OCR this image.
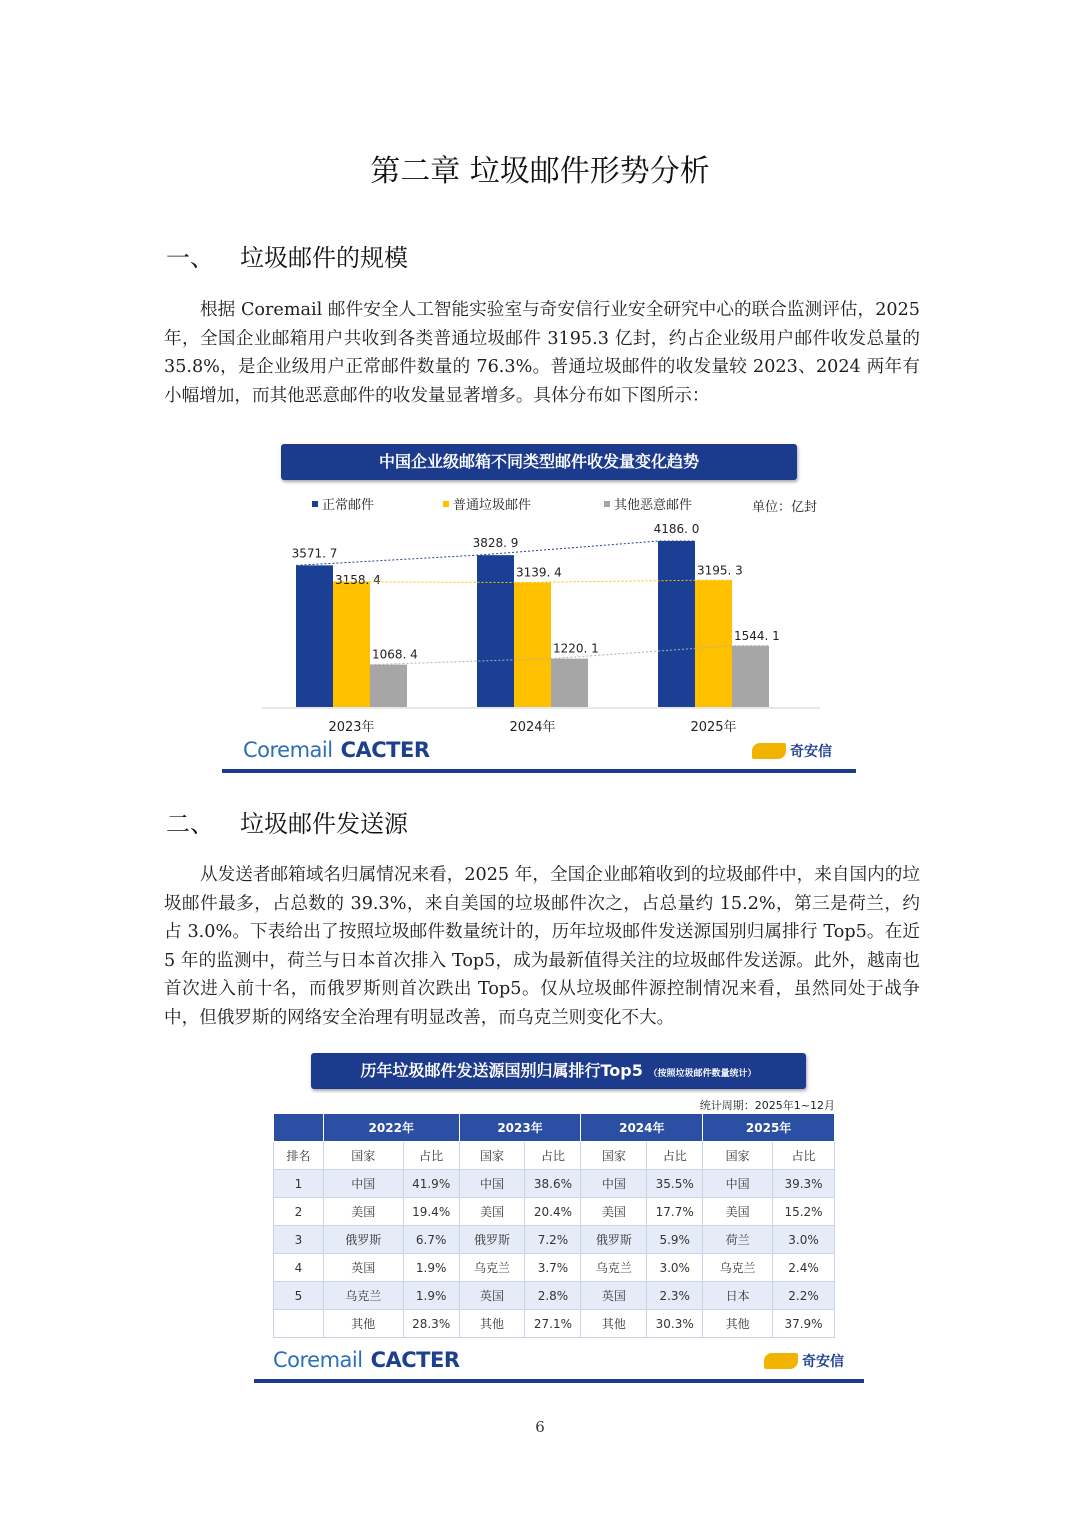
第二章 垃圾邮件形势分析
一、 垃圾邮件的规模

根据 Coremail 邮件安全人工智能实验室与奇安信行业安全研究中心的联合监测评估，2025 年，全国企业邮箱用户共收到各类普通垃圾邮件 3195.3 亿封，约占企业级用户邮件收发总量的 35.8%，是企业级用户正常邮件数量的 76.3%。普通垃圾邮件的收发量较 2023、2024 两年有小幅增加，而其他恶意邮件的收发量显著增多。具体分布如下图所示：

中国企业级邮箱不同类型邮件收发量变化趋势
正常邮件	普通垃圾邮件	其他恶意邮件	单位：亿封
3571. 7
3828. 9
4186. 0
3158. 4
3139. 4	3195. 3
1068. 4	1220. 1
1544. 1
2023年	2024年	2025年
Coremail CACTER	奇安信
二、 垃圾邮件发送源

从发送者邮箱域名归属情况来看，2025 年，全国企业邮箱收到的垃圾邮件中，来自国内的垃圾邮件最多，占总数的 39.3%，来自美国的垃圾邮件次之，占总量约 15.2%，第三是荷兰，约占 3.0%。下表给出了按照垃圾邮件数量统计的，历年垃圾邮件发送源国别归属排行 Top5。在近 5 年的监测中，荷兰与日本首次排入 Top5，成为最新值得关注的垃圾邮件发送源。此外，越南也首次进入前十名，而俄罗斯则首次跌出 Top5。仅从垃圾邮件源控制情况来看，虽然同处于战争中，但俄罗斯的网络安全治理有明显改善，而乌克兰则变化不大。

历年垃圾邮件发送源国别归属排行Top5 （按照垃圾邮件数量统计）
统计周期：2025年1~12月
	2022年		2023年		2024年		2025年	
排名	国家	占比	国家	占比	国家	占比	国家	占比
1	中国	41.9%	中国	38.6%	中国	35.5%	中国	39.3%
2	美国	19.4%	美国	20.4%	美国	17.7%	美国	15.2%
3	俄罗斯	6.7%	俄罗斯	7.2%	俄罗斯	5.9%	荷兰	3.0%
4	英国	1.9%	乌克兰	3.7%	乌克兰	3.0%	乌克兰	2.4%
5	乌克兰	1.9%	英国	2.8%	英国	2.3%	日本	2.2%
	其他	28.3%	其他	27.1%	其他	30.3%	其他	37.9%
Coremail CACTER	奇安信
6
